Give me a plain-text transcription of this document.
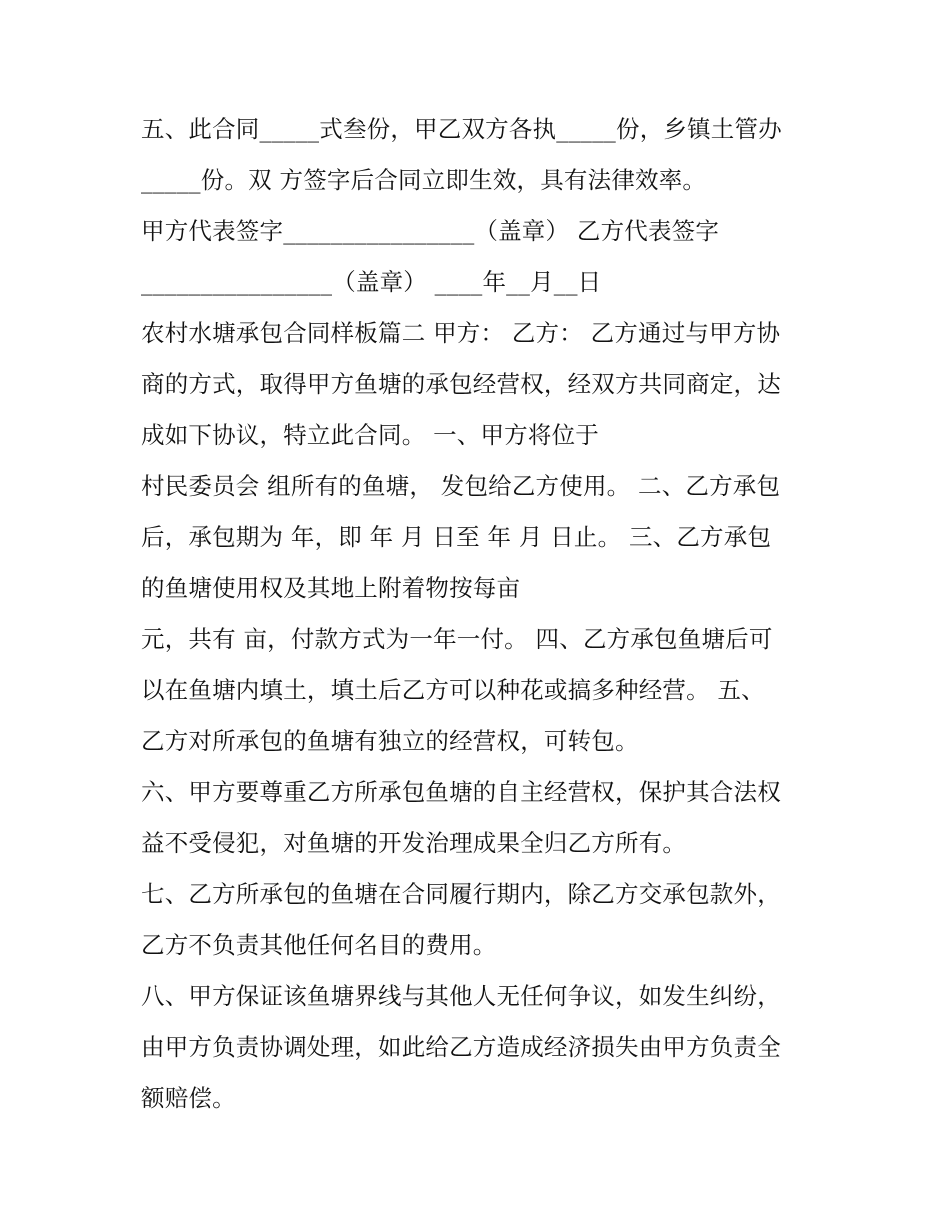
五、此合同_____式叁份，甲乙双方各执_____份，乡镇土管办
_____份。双 方签字后合同立即生效，具有法律效率。
甲方代表签字________________（盖章） 乙方代表签字
________________（盖章） ____年__月__日
农村水塘承包合同样板篇二 甲方： 乙方： 乙方通过与甲方协
商的方式，取得甲方鱼塘的承包经营权，经双方共同商定，达
成如下协议，特立此合同。 一、甲方将位于
村民委员会 组所有的鱼塘， 发包给乙方使用。 二、乙方承包
后，承包期为 年，即 年 月 日至 年 月 日止。 三、乙方承包
的鱼塘使用权及其地上附着物按每亩
元，共有 亩，付款方式为一年一付。 四、乙方承包鱼塘后可
以在鱼塘内填土，填土后乙方可以种花或搞多种经营。 五、
乙方对所承包的鱼塘有独立的经营权，可转包。
六、甲方要尊重乙方所承包鱼塘的自主经营权，保护其合法权
益不受侵犯，对鱼塘的开发治理成果全归乙方所有。
七、乙方所承包的鱼塘在合同履行期内，除乙方交承包款外，
乙方不负责其他任何名目的费用。
八、甲方保证该鱼塘界线与其他人无任何争议，如发生纠纷，
由甲方负责协调处理，如此给乙方造成经济损失由甲方负责全
额赔偿。
